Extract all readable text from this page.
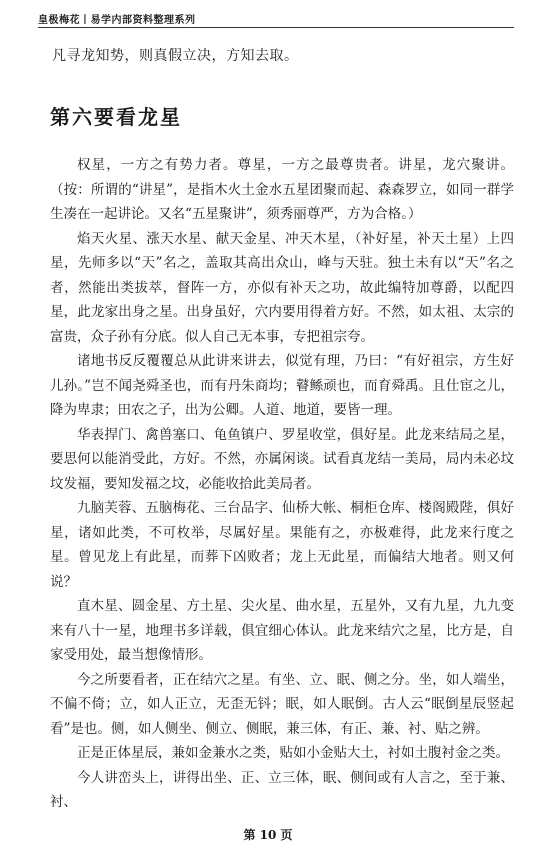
皇极梅花丨易学内部资料整理系列
凡寻龙知势，则真假立决，方知去取。
第六要看龙星

权星，一方之有势力者。尊星，一方之最尊贵者。讲星，龙穴聚讲。（按：所谓的“讲星”，是指木火土金水五星团聚而起、森森罗立，如同一群学生凑在一起讲论。又名“五星聚讲”，须秀丽尊严，方为合格。）

焰天火星、涨天水星、献天金星、冲天木星，（补好星，补天土星）上四星，先师多以“天”名之，盖取其高出众山，峰与天驻。独土未有以“天”名之者，然能出类拔萃，督阵一方，亦似有补天之功，故此编特加尊爵，以配四星，此龙家出身之星。出身虽好，穴内要用得着方好。不然，如太祖、太宗的富贵，众子孙有分底。似人自己无本事，专把祖宗夸。

诸地书反反覆覆总从此讲来讲去，似觉有理，乃曰：“有好祖宗，方生好儿孙。”岂不闻尧舜圣也，而有丹朱商均；瞽鲧顽也，而育舜禹。且仕宦之儿，降为卑隶；田农之子，出为公卿。人道、地道，要皆一理。

华表捍门、禽兽塞口、龟鱼镇户、罗星收堂，俱好星。此龙来结局之星，要思何以能消受此，方好。不然，亦属闲谈。试看真龙结一美局，局内未必坟坟发福，要知发福之坟，必能收拾此美局者。

九脑芙蓉、五脑梅花、三台品字、仙桥大帐、桐柜仓库、楼阁殿陛，俱好星，诸如此类，不可枚举，尽属好星。果能有之，亦极难得，此龙来行度之星。曾见龙上有此星，而葬下凶败者；龙上无此星，而偏结大地者。则又何说？

直木星、圆金星、方土星、尖火星、曲水星，五星外，又有九星，九九变来有八十一星，地理书多详载，俱宜细心体认。此龙来结穴之星，比方是，自家受用处，最当想像情形。

今之所要看者，正在结穴之星。有坐、立、眠、侧之分。坐，如人端坐，不偏不倚；立，如人正立，无歪无钭；眠，如人眠倒。古人云“眠倒星辰竖起看”是也。侧，如人侧坐、侧立、侧眠，兼三体，有正、兼、衬、贴之辨。

正是正体星辰，兼如金兼水之类，贴如小金贴大土，衬如土腹衬金之类。

今人讲峦头上，讲得出坐、正、立三体，眠、侧间或有人言之，至于兼、衬、

第 10 页
